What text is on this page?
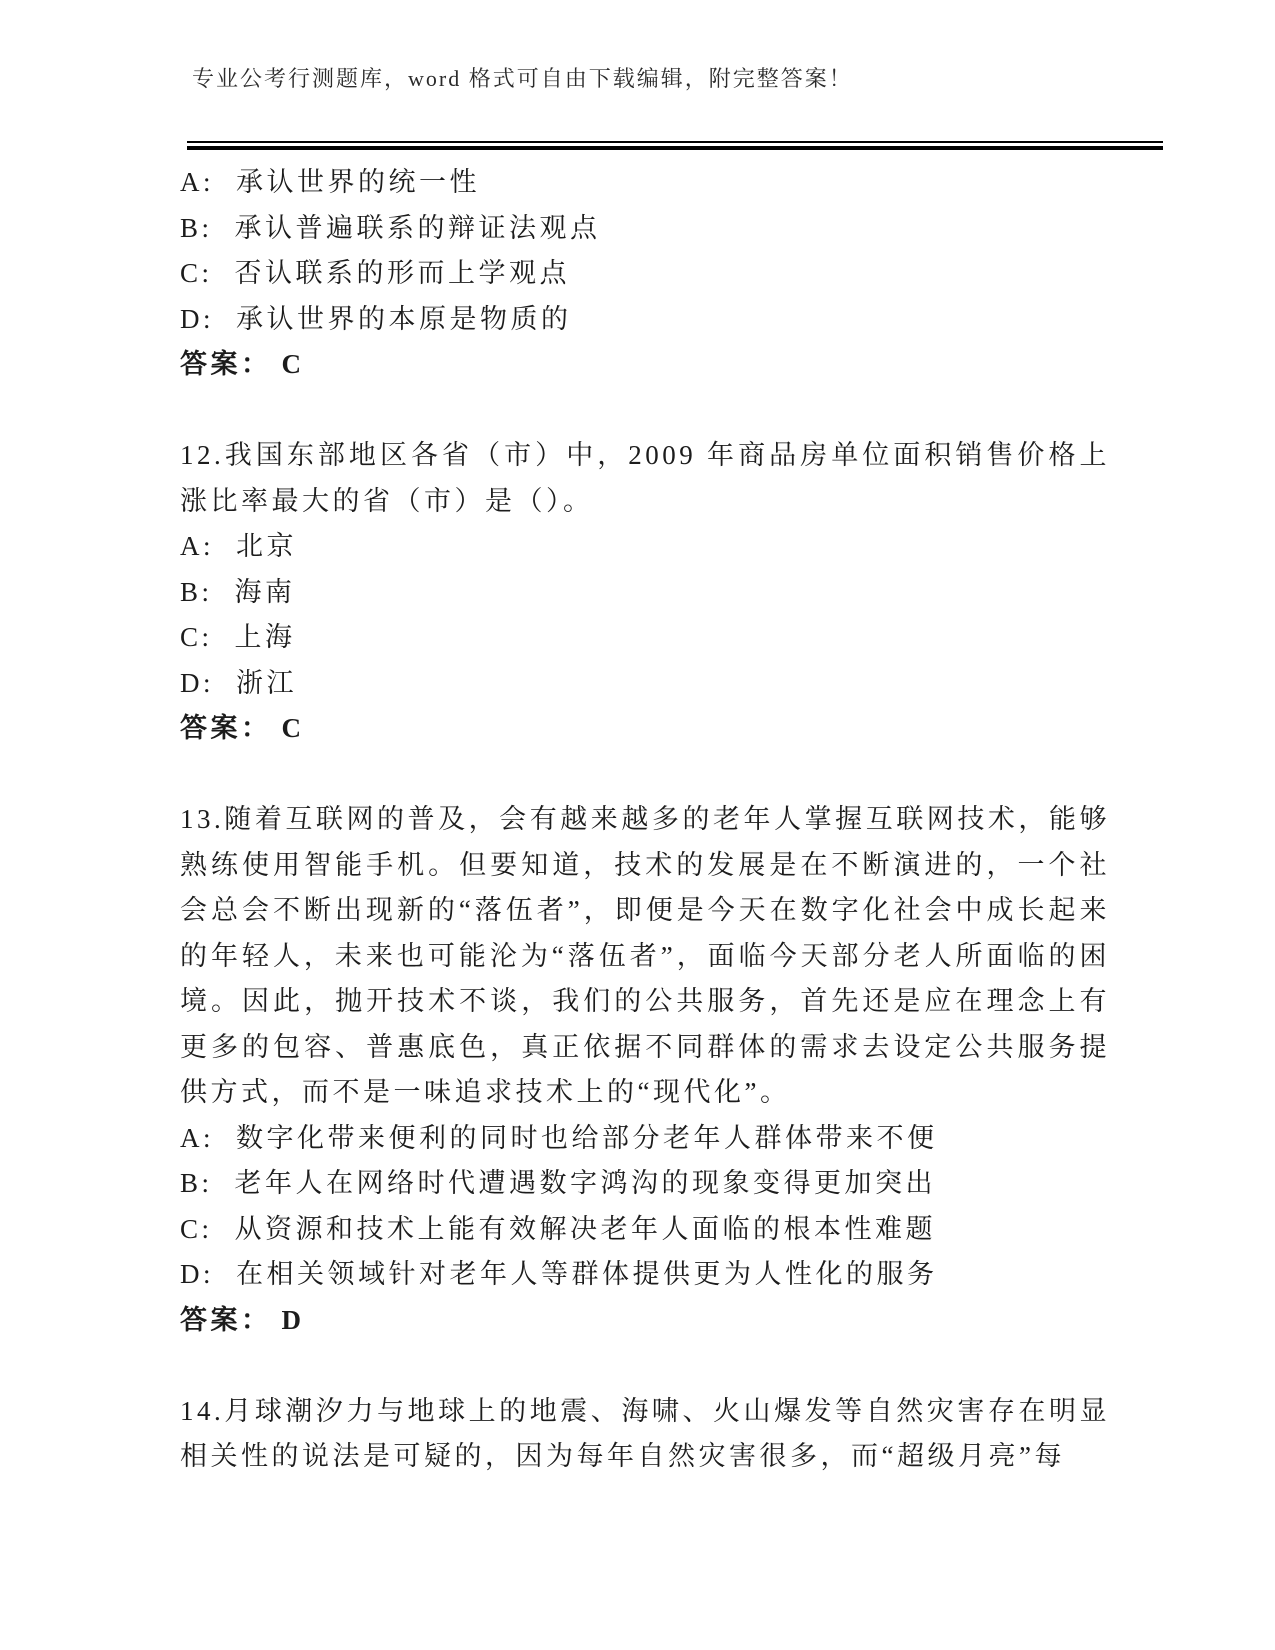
专业公考行测题库，word 格式可自由下载编辑，附完整答案！

A: 承认世界的统一性

B: 承认普遍联系的辩证法观点

C: 否认联系的形而上学观点

D: 承认世界的本原是物质的

答案： C

12.我国东部地区各省（市）中，2009 年商品房单位面积销售价格上涨比率最大的省（市）是（）。

A: 北京

B: 海南

C: 上海

D: 浙江

答案： C

13.随着互联网的普及，会有越来越多的老年人掌握互联网技术，能够熟练使用智能手机。但要知道，技术的发展是在不断演进的，一个社会总会不断出现新的“落伍者”，即便是今天在数字化社会中成长起来的年轻人，未来也可能沦为“落伍者”，面临今天部分老人所面临的困境。因此，抛开技术不谈，我们的公共服务，首先还是应在理念上有更多的包容、普惠底色，真正依据不同群体的需求去设定公共服务提供方式，而不是一味追求技术上的“现代化”。

A: 数字化带来便利的同时也给部分老年人群体带来不便

B: 老年人在网络时代遭遇数字鸿沟的现象变得更加突出

C: 从资源和技术上能有效解决老年人面临的根本性难题

D: 在相关领域针对老年人等群体提供更为人性化的服务

答案： D

14.月球潮汐力与地球上的地震、海啸、火山爆发等自然灾害存在明显相关性的说法是可疑的，因为每年自然灾害很多，而“超级月亮”每
